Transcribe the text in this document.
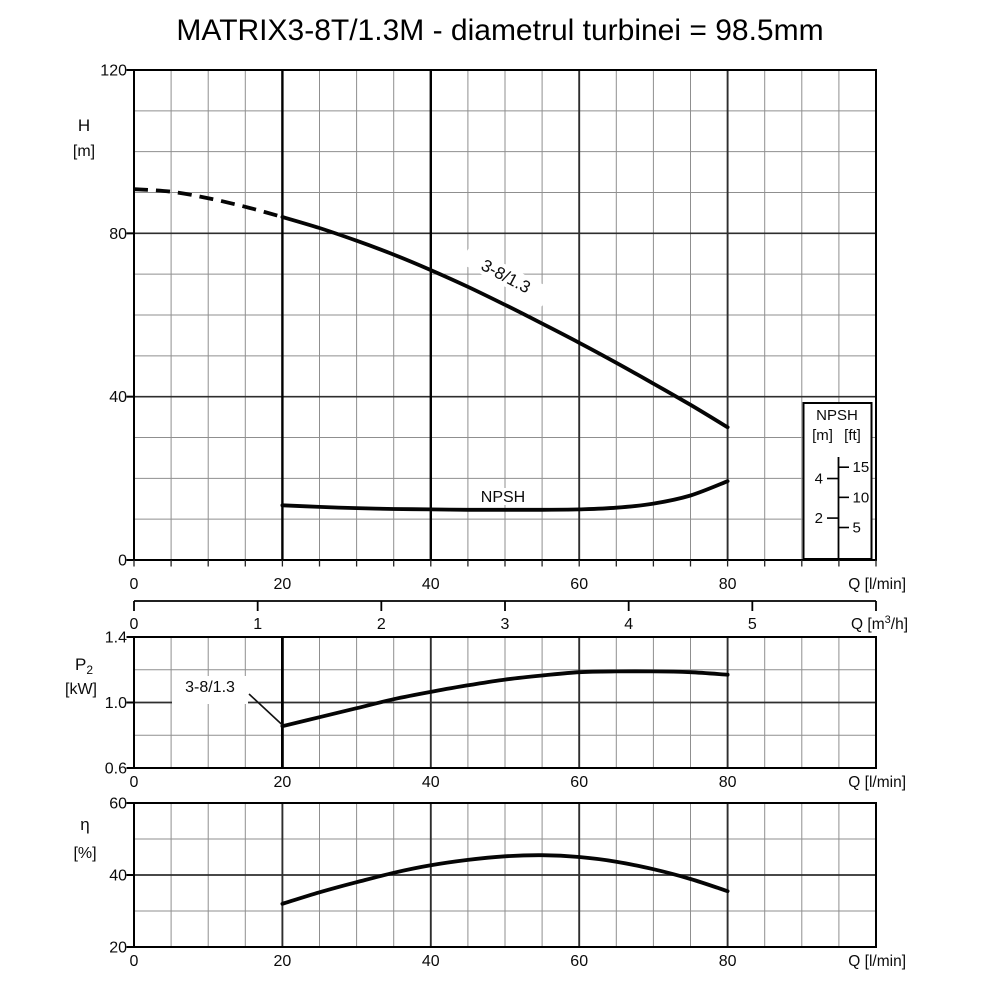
MATRIX3-8T/1.3M - diametrul turbinei = 98.5mm
120
80
40
0
0	20	40	60	80	Q [l/min]
1.4
1.0
0.6
0	20	40	60	80	Q [l/min]
60
40
20
0	20	40	60	80	Q [l/min]
H
[m]
$P_2$
[kW]
η
[%]
0	1	2	3	4	5	Q $[m^3/h]$
3-8/1.3
NPSH
3-8/1.3
NPSH
[m] [ft]
15
10
5
4
2
